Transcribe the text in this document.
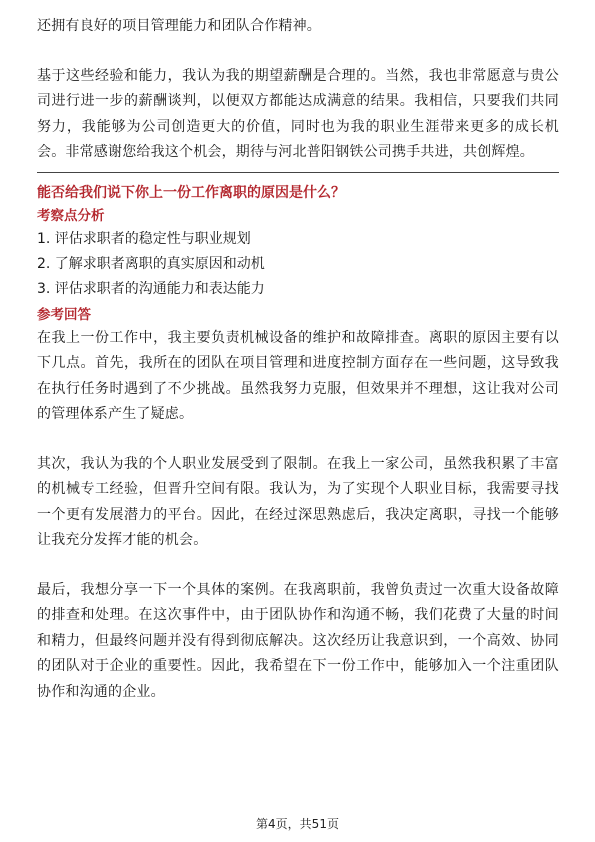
还拥有良好的项目管理能力和团队合作精神。

基于这些经验和能力，我认为我的期望薪酬是合理的。当然，我也非常愿意与贵公司进行进一步的薪酬谈判，以便双方都能达成满意的结果。我相信，只要我们共同努力，我能够为公司创造更大的价值，同时也为我的职业生涯带来更多的成长机会。非常感谢您给我这个机会，期待与河北普阳钢铁公司携手共进，共创辉煌。

能否给我们说下你上一份工作离职的原因是什么？
考察点分析
1. 评估求职者的稳定性与职业规划
2. 了解求职者离职的真实原因和动机
3. 评估求职者的沟通能力和表达能力
参考回答

在我上一份工作中，我主要负责机械设备的维护和故障排查。离职的原因主要有以下几点。首先，我所在的团队在项目管理和进度控制方面存在一些问题，这导致我在执行任务时遇到了不少挑战。虽然我努力克服，但效果并不理想，这让我对公司的管理体系产生了疑虑。

其次，我认为我的个人职业发展受到了限制。在我上一家公司，虽然我积累了丰富的机械专工经验，但晋升空间有限。我认为，为了实现个人职业目标，我需要寻找一个更有发展潜力的平台。因此，在经过深思熟虑后，我决定离职，寻找一个能够让我充分发挥才能的机会。

最后，我想分享一下一个具体的案例。在我离职前，我曾负责过一次重大设备故障的排查和处理。在这次事件中，由于团队协作和沟通不畅，我们花费了大量的时间和精力，但最终问题并没有得到彻底解决。这次经历让我意识到，一个高效、协同的团队对于企业的重要性。因此，我希望在下一份工作中，能够加入一个注重团队协作和沟通的企业。

第4页，共51页
